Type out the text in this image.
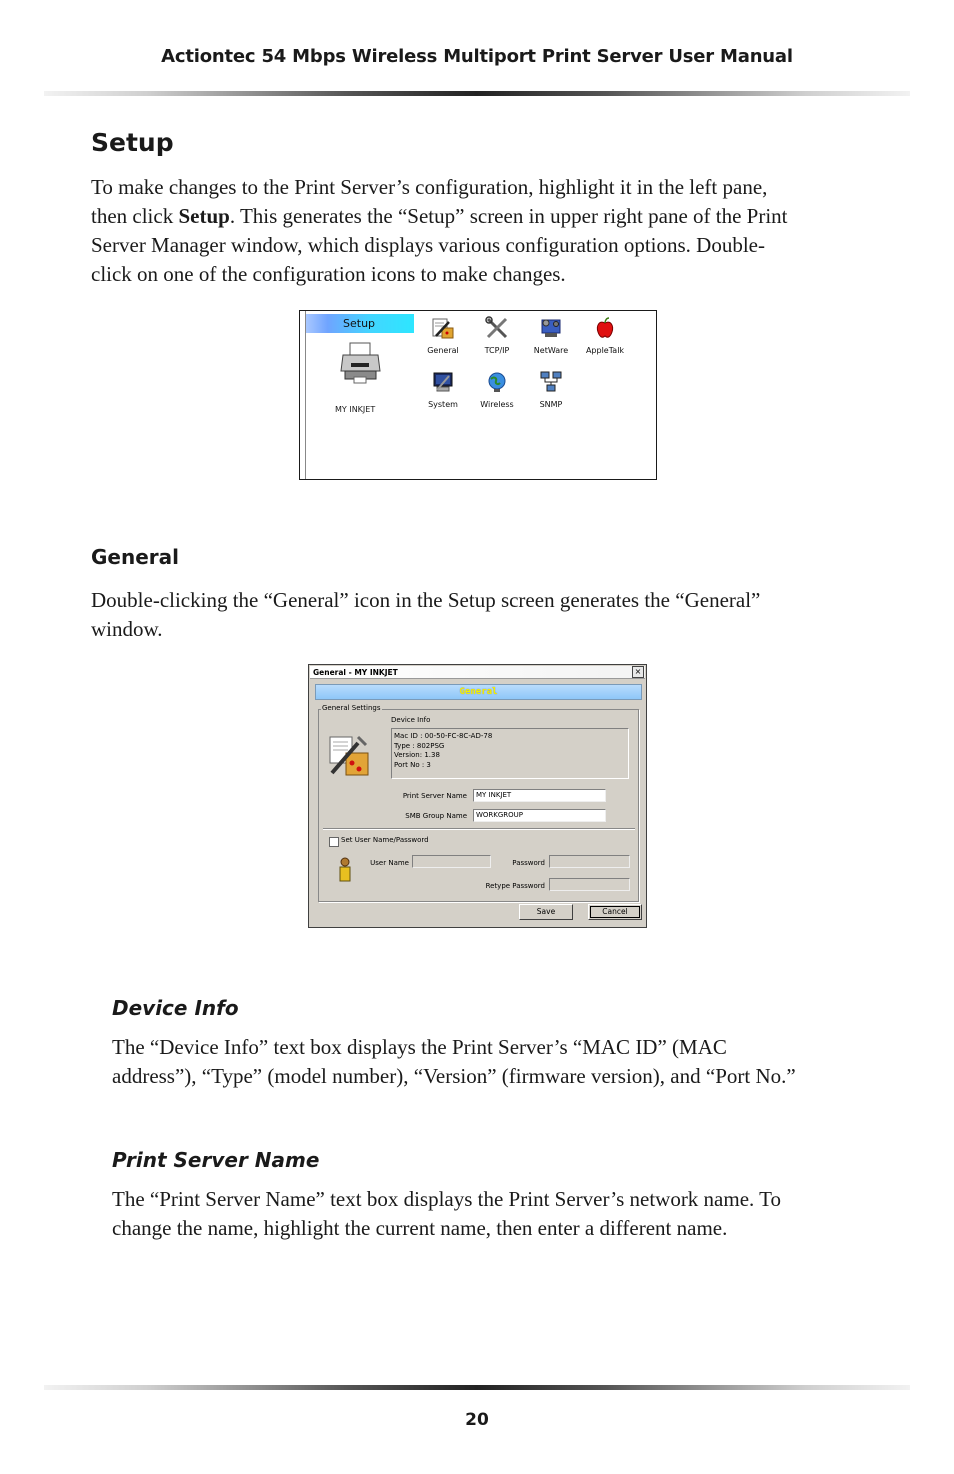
Actiontec 54 Mbps Wireless Multiport Print Server User Manual
Setup

To make changes to the Print Server’s configuration, highlight it in the left pane,
then click Setup. This generates the “Setup” screen in upper right pane of the Print
Server Manager window, which displays various configuration options. Double-
click on one of the configuration icons to make changes.

Setup
MY INKJET
General	TCP/IP	NetWare	AppleTalk
System	Wireless	SNMP
General

Double-clicking the “General” icon in the Setup screen generates the “General”
window.

General - MY INKJET	×
General
General Settings
Device Info
Mac ID : 00-50-FC-8C-AD-78
Type : 802PSG
Version: 1.38
Port No : 3
Print Server Name	MY INKJET
SMB Group Name	WORKGROUP
Set User Name/Password
User Name	Password
Retype Password
Save	Cancel
Device Info

The “Device Info” text box displays the Print Server’s “MAC ID” (MAC
address”), “Type” (model number), “Version” (firmware version), and “Port No.”

Print Server Name

The “Print Server Name” text box displays the Print Server’s network name. To
change the name, highlight the current name, then enter a different name.

20
